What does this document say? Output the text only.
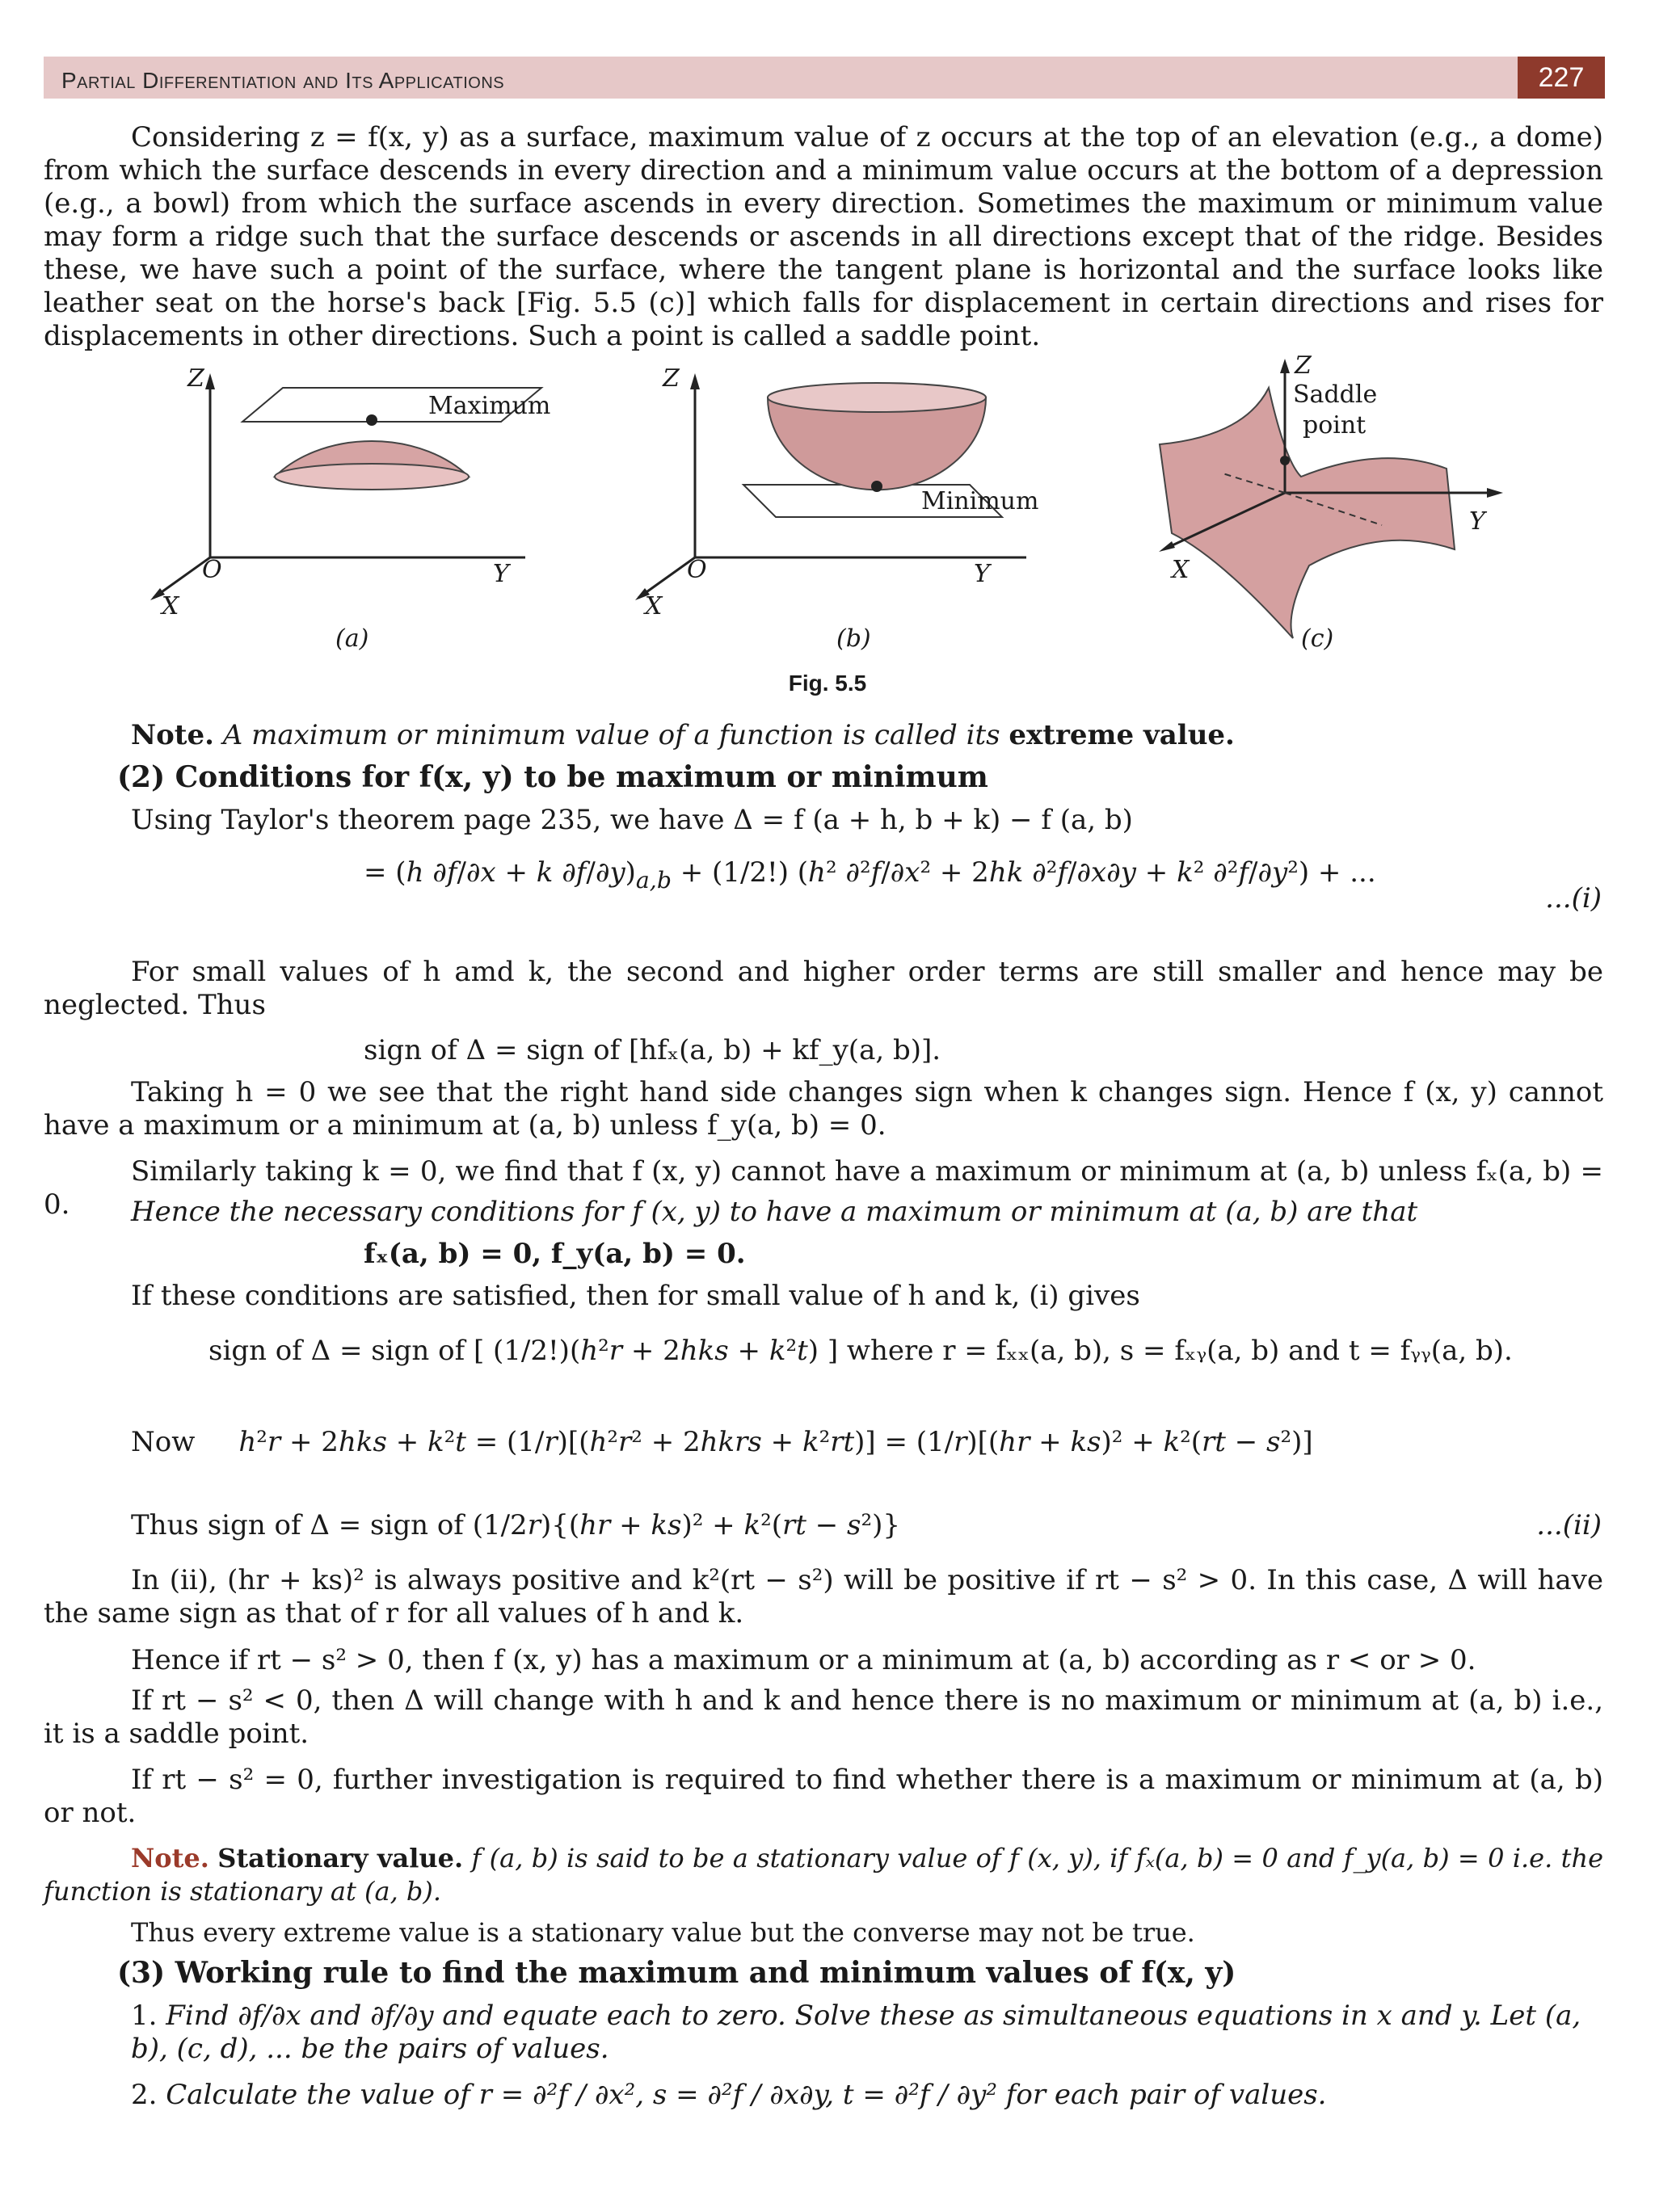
Partial Differentiation and Its Applications	227
Considering z = f(x, y) as a surface, maximum value of z occurs at the top of an elevation (e.g., a dome) from which the surface descends in every direction and a minimum value occurs at the bottom of a depression (e.g., a bowl) from which the surface ascends in every direction. Sometimes the maximum or minimum value may form a ridge such that the surface descends or ascends in all directions except that of the ridge. Besides these, we have such a point of the surface, where the tangent plane is horizontal and the surface looks like leather seat on the horse's back [Fig. 5.5 (c)] which falls for displacement in certain directions and rises for displacements in other directions. Such a point is called a saddle point.
Z
Y
X
O
Maximum
(a)
Z
Y
X
O
Minimum
(b)
Z
Y
X
Saddle
point
(c)
Fig. 5.5
Note. A maximum or minimum value of a function is called its extreme value.
(2) Conditions for f(x, y) to be maximum or minimum
Using Taylor's theorem page 235, we have Δ = f (a + h, b + k) − f (a, b)
= (h ∂f/∂x + k $\partial f/\partial y)_{a,b} + (1/2!)$ (h² ∂²f/∂x² + 2hk ∂²f/∂x∂y + k² ∂²f/∂y²) + ...
...(i)
For small values of h amd k, the second and higher order terms are still smaller and hence may be neglected. Thus
sign of Δ = sign of [hfₓ(a, b) + kf_y(a, b)].
Taking h = 0 we see that the right hand side changes sign when k changes sign. Hence f (x, y) cannot have a maximum or a minimum at (a, b) unless f_y(a, b) = 0.
Similarly taking k = 0, we find that f (x, y) cannot have a maximum or minimum at (a, b) unless fₓ(a, b) = 0.	Hence the necessary conditions for f (x, y) to have a maximum or minimum at (a, b) are that
fₓ(a, b) = 0, f_y(a, b) = 0.
If these conditions are satisfied, then for small value of h and k, (i) gives
sign of Δ = sign of [ (1/2!)(h²r + 2hks + k²t) ] where r = fₓₓ(a, b), s = fₓᵧ(a, b) and t = fᵧᵧ(a, b).
Now h²r + 2hks + k²t = (1/r)[(h²r² + 2hkrs + k²rt)] = (1/r)[(hr + ks)² + k²(rt − s²)]
Thus sign of Δ = sign of (1/2r){(hr + ks)² + k²(rt − s²)}	...(ii)
In (ii), (hr + ks)² is always positive and k²(rt − s²) will be positive if rt − s² > 0. In this case, Δ will have the same sign as that of r for all values of h and k.
Hence if rt − s² > 0, then f (x, y) has a maximum or a minimum at (a, b) according as r < or > 0.
If rt − s² < 0, then Δ will change with h and k and hence there is no maximum or minimum at (a, b) i.e., it is a saddle point.
If rt − s² = 0, further investigation is required to find whether there is a maximum or minimum at (a, b) or not.
Note. Stationary value. f (a, b) is said to be a stationary value of f (x, y), if fₓ(a, b) = 0 and f_y(a, b) = 0 i.e. the function is stationary at (a, b).
Thus every extreme value is a stationary value but the converse may not be true.
(3) Working rule to find the maximum and minimum values of f(x, y)
1. Find ∂f/∂x and ∂f/∂y and equate each to zero. Solve these as simultaneous equations in x and y. Let (a, b), (c, d), ... be the pairs of values.
2. Calculate the value of r = ∂²f / ∂x², s = ∂²f / ∂x∂y, t = ∂²f / ∂y² for each pair of values.
